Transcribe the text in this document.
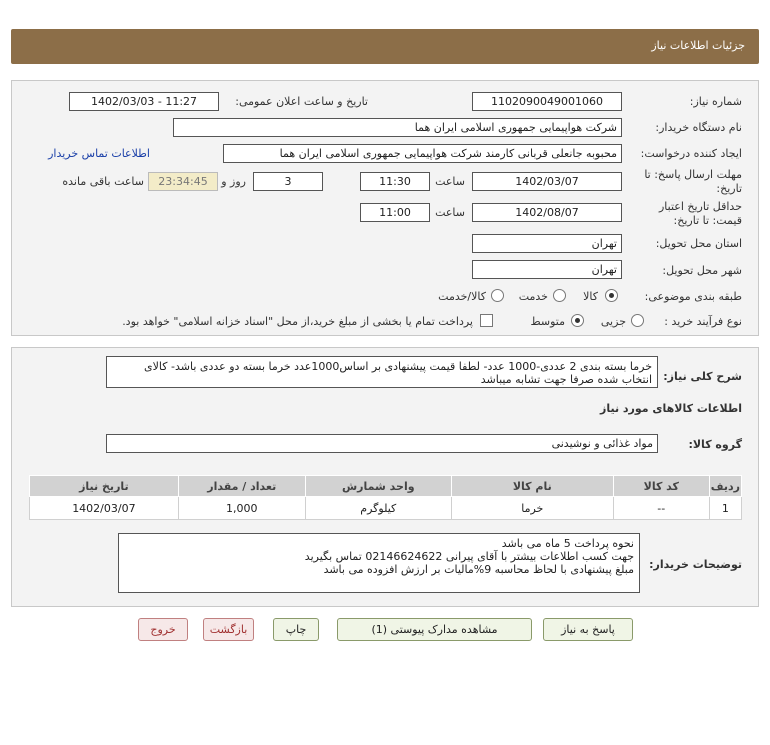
جزئیات اطلاعات نیاز
شماره نیاز:
1102090049001060
تاریخ و ساعت اعلان عمومی:
1402/03/03 - 11:27
نام دستگاه خریدار:
شرکت هواپیمایی جمهوری اسلامی ایران هما
ایجاد کننده درخواست:
محبوبه جانعلی قربانی کارمند شرکت هواپیمایی جمهوری اسلامی ایران هما
اطلاعات تماس خریدار
مهلت ارسال پاسخ: تا
تاریخ:
1402/03/07
ساعت
11:30
3
روز و
23:34:45
ساعت باقی مانده
حداقل تاریخ اعتبار
قیمت: تا تاریخ:
1402/08/07
ساعت
11:00
استان محل تحویل:
تهران
شهر محل تحویل:
تهران
طبقه بندی موضوعی:
کالا
خدمت
کالا/خدمت
نوع فرآیند خرید :
جزیی
متوسط
پرداخت تمام یا بخشی از مبلغ خرید،از محل "اسناد خزانه اسلامی" خواهد بود.
شرح کلی نیاز:
خرما بسته بندی 2 عددی-1000 عدد- لطفا قیمت پیشنهادی بر اساس1000عدد خرما بسته دو عددی باشد- کالای انتخاب شده صرفا جهت تشابه میباشد
اطلاعات کالاهای مورد نیاز
گروه کالا:
مواد غذائی و نوشیدنی
ردیف	کد کالا	نام کالا	واحد شمارش	تعداد / مقدار	تاریخ نیاز
1	--	خرما	کیلوگرم	1,000	1402/03/07
توضیحات خریدار:
نحوه پرداخت 5 ماه می باشد
جهت کسب اطلاعات بیشتر با آقای پیرانی 02146624622 تماس بگیرید
مبلغ پیشنهادی با لحاظ محاسبه 9%مالیات بر ارزش افزوده می باشد
پاسخ به نیاز
مشاهده مدارک پیوستی (1)
چاپ
بازگشت
خروج
